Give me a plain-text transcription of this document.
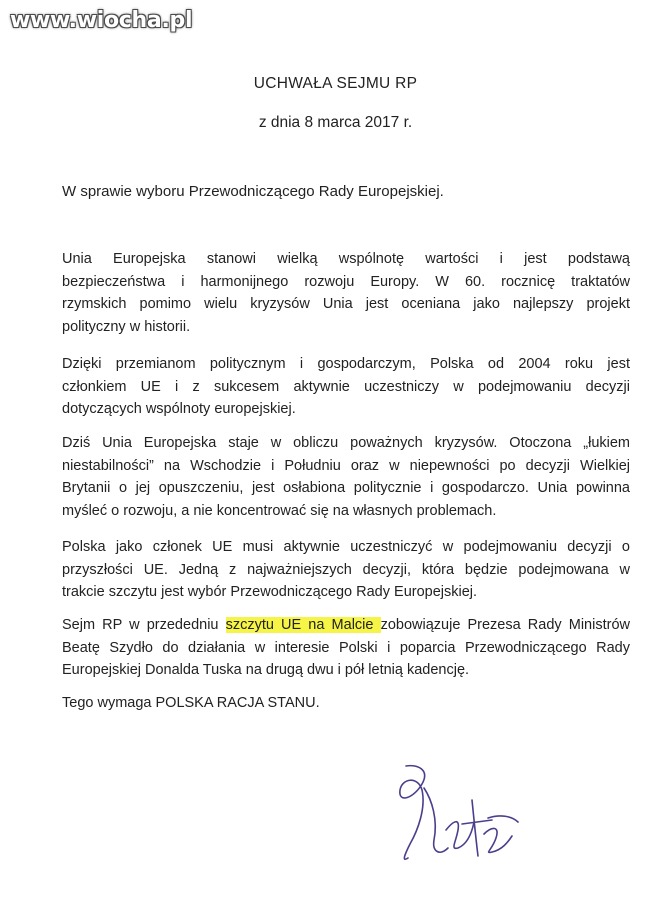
www.wiocha.pl
UCHWAŁA SEJMU RP
z dnia 8 marca 2017 r.
W sprawie wyboru Przewodniczącego Rady Europejskiej.
Unia Europejska stanowi wielką wspólnotę wartości i jest podstawą
bezpieczeństwa i harmonijnego rozwoju Europy. W 60. rocznicę traktatów
rzymskich pomimo wielu kryzysów Unia jest oceniana jako najlepszy projekt
polityczny w historii.
Dzięki przemianom politycznym i gospodarczym, Polska od 2004 roku jest
członkiem UE i z sukcesem aktywnie uczestniczy w podejmowaniu decyzji
dotyczących wspólnoty europejskiej.
Dziś Unia Europejska staje w obliczu poważnych kryzysów. Otoczona „łukiem
niestabilności” na Wschodzie i Południu oraz w niepewności po decyzji Wielkiej
Brytanii o jej opuszczeniu, jest osłabiona politycznie i gospodarczo. Unia powinna
myśleć o rozwoju, a nie koncentrować się na własnych problemach.
Polska jako członek UE musi aktywnie uczestniczyć w podejmowaniu decyzji o
przyszłości UE. Jedną z najważniejszych decyzji, która będzie podejmowana w
trakcie szczytu jest wybór Przewodniczącego Rady Europejskiej.
Sejm RP w przededniu szczytu UE na Malcie zobowiązuje Prezesa Rady Ministrów
Beatę Szydło do działania w interesie Polski i poparcia Przewodniczącego Rady
Europejskiej Donalda Tuska na drugą dwu i pół letnią kadencję.
Tego wymaga POLSKA RACJA STANU.
